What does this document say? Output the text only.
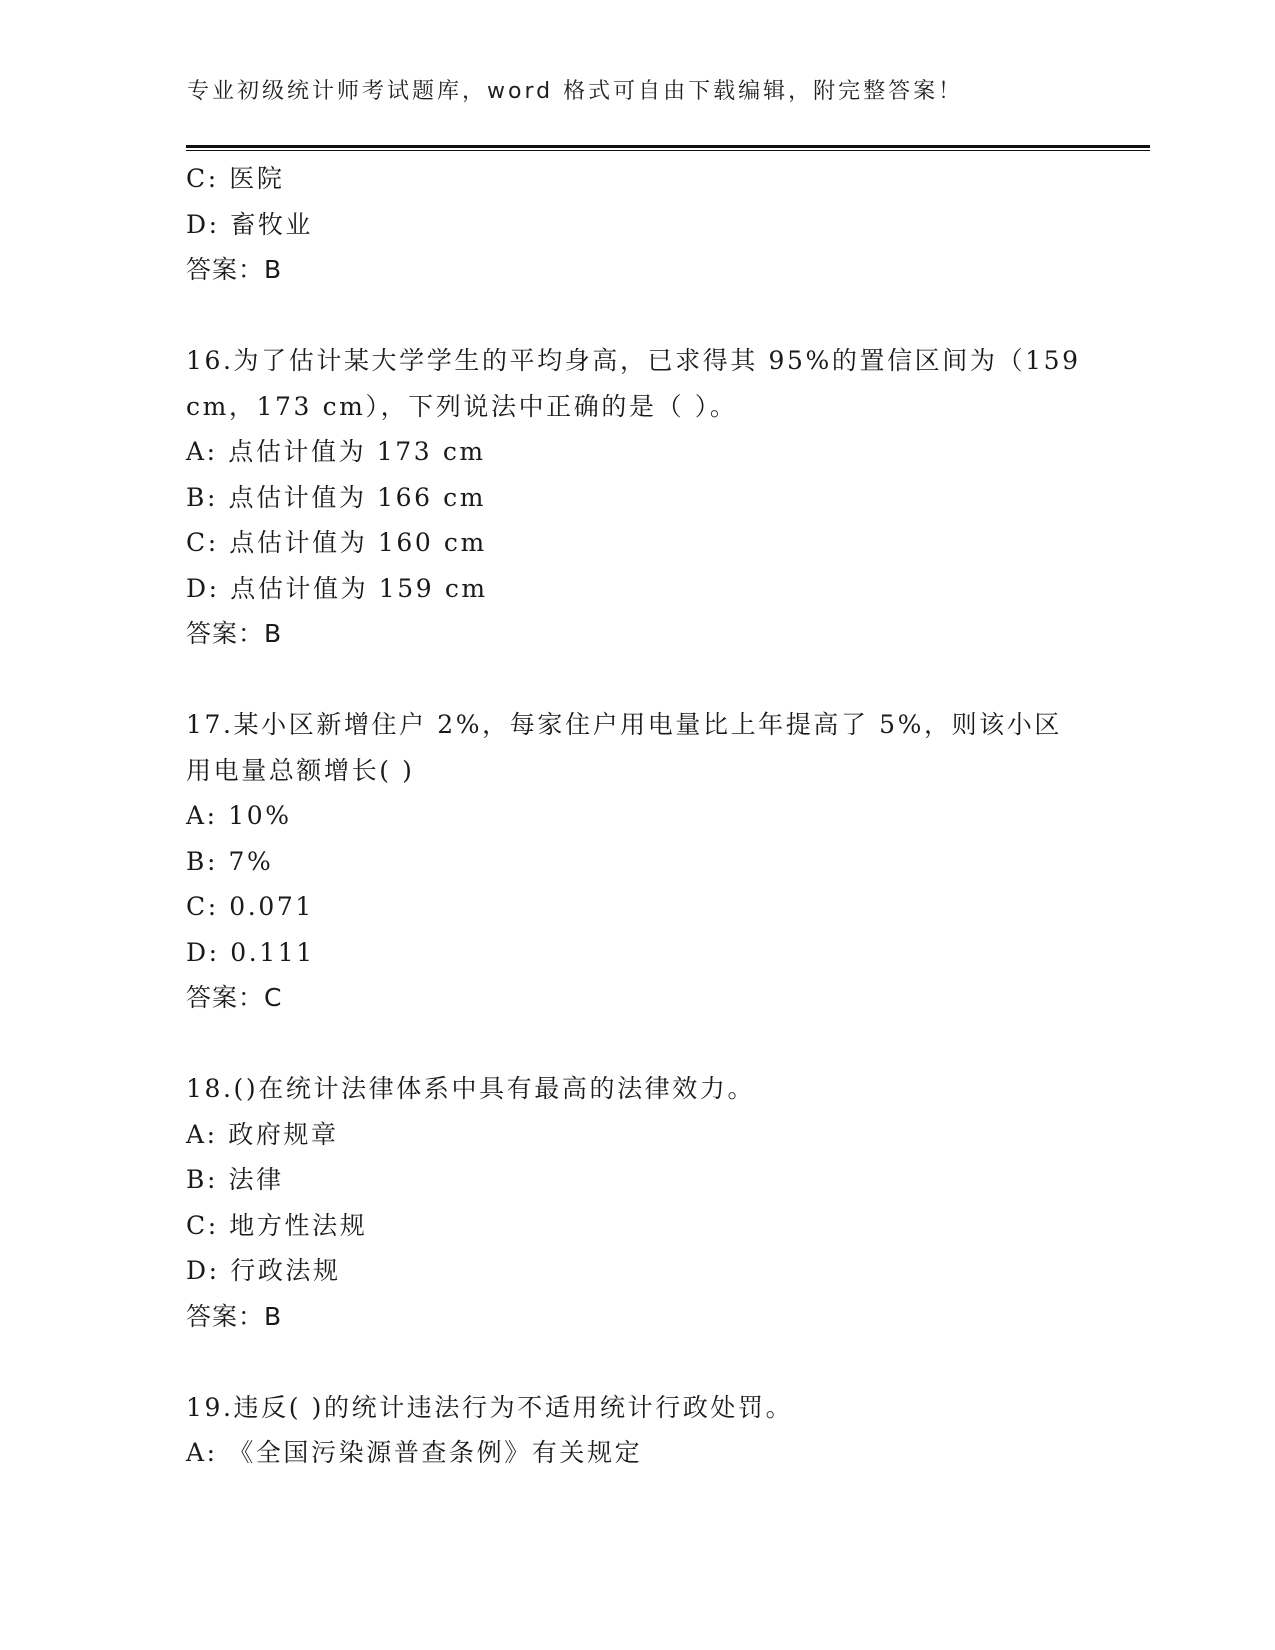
专业初级统计师考试题库，word 格式可自由下载编辑，附完整答案！
C: 医院
D: 畜牧业
答案：B
16.为了估计某大学学生的平均身高，已求得其 95%的置信区间为（159
cm，173 cm），下列说法中正确的是（ ）。
A: 点估计值为 173 cm
B: 点估计值为 166 cm
C: 点估计值为 160 cm
D: 点估计值为 159 cm
答案：B
17.某小区新增住户 2%，每家住户用电量比上年提高了 5%，则该小区
用电量总额增长( )
A: 10%
B: 7%
C: 0.071
D: 0.111
答案：C
18.()在统计法律体系中具有最高的法律效力。
A: 政府规章
B: 法律
C: 地方性法规
D: 行政法规
答案：B
19.违反( )的统计违法行为不适用统计行政处罚。
A: 《全国污染源普查条例》有关规定
